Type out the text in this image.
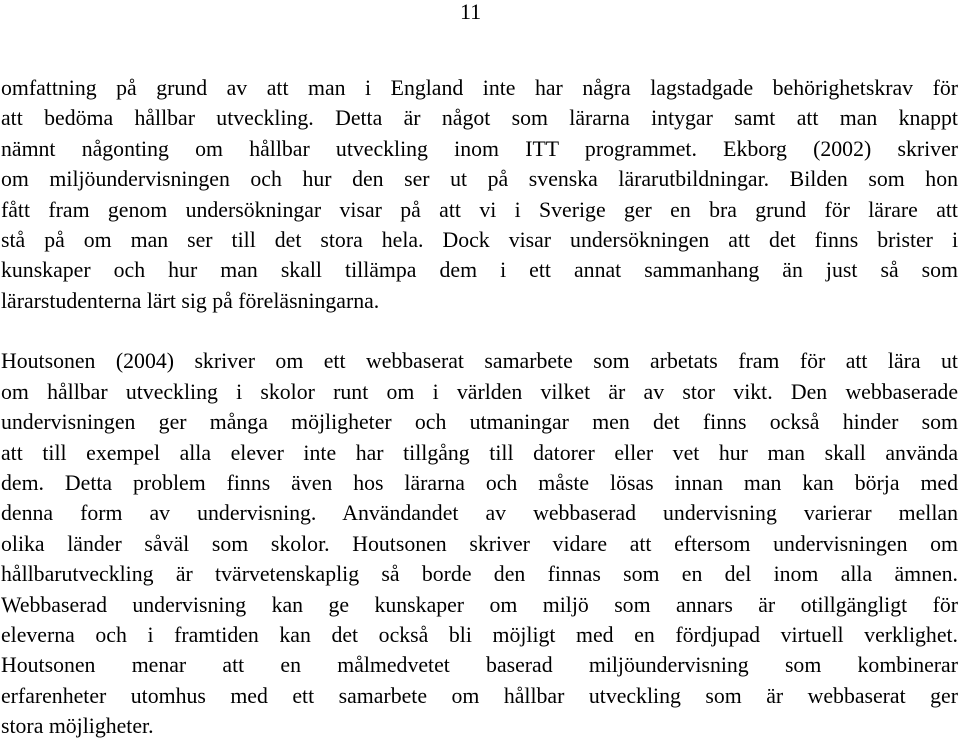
11
omfattning på grund av att man i England inte har några lagstadgade behörighetskrav för
att bedöma hållbar utveckling. Detta är något som lärarna intygar samt att man knappt
nämnt någonting om hållbar utveckling inom ITT programmet. Ekborg (2002) skriver
om miljöundervisningen och hur den ser ut på svenska lärarutbildningar. Bilden som hon
fått fram genom undersökningar visar på att vi i Sverige ger en bra grund för lärare att
stå på om man ser till det stora hela. Dock visar undersökningen att det finns brister i
kunskaper och hur man skall tillämpa dem i ett annat sammanhang än just så som
lärarstudenterna lärt sig på föreläsningarna.
Houtsonen (2004) skriver om ett webbaserat samarbete som arbetats fram för att lära ut
om hållbar utveckling i skolor runt om i världen vilket är av stor vikt. Den webbaserade
undervisningen ger många möjligheter och utmaningar men det finns också hinder som
att till exempel alla elever inte har tillgång till datorer eller vet hur man skall använda
dem. Detta problem finns även hos lärarna och måste lösas innan man kan börja med
denna form av undervisning. Användandet av webbaserad undervisning varierar mellan
olika länder såväl som skolor. Houtsonen skriver vidare att eftersom undervisningen om
hållbarutveckling är tvärvetenskaplig så borde den finnas som en del inom alla ämnen.
Webbaserad undervisning kan ge kunskaper om miljö som annars är otillgängligt för
eleverna och i framtiden kan det också bli möjligt med en fördjupad virtuell verklighet.
Houtsonen menar att en målmedvetet baserad miljöundervisning som kombinerar
erfarenheter utomhus med ett samarbete om hållbar utveckling som är webbaserat ger
stora möjligheter.
